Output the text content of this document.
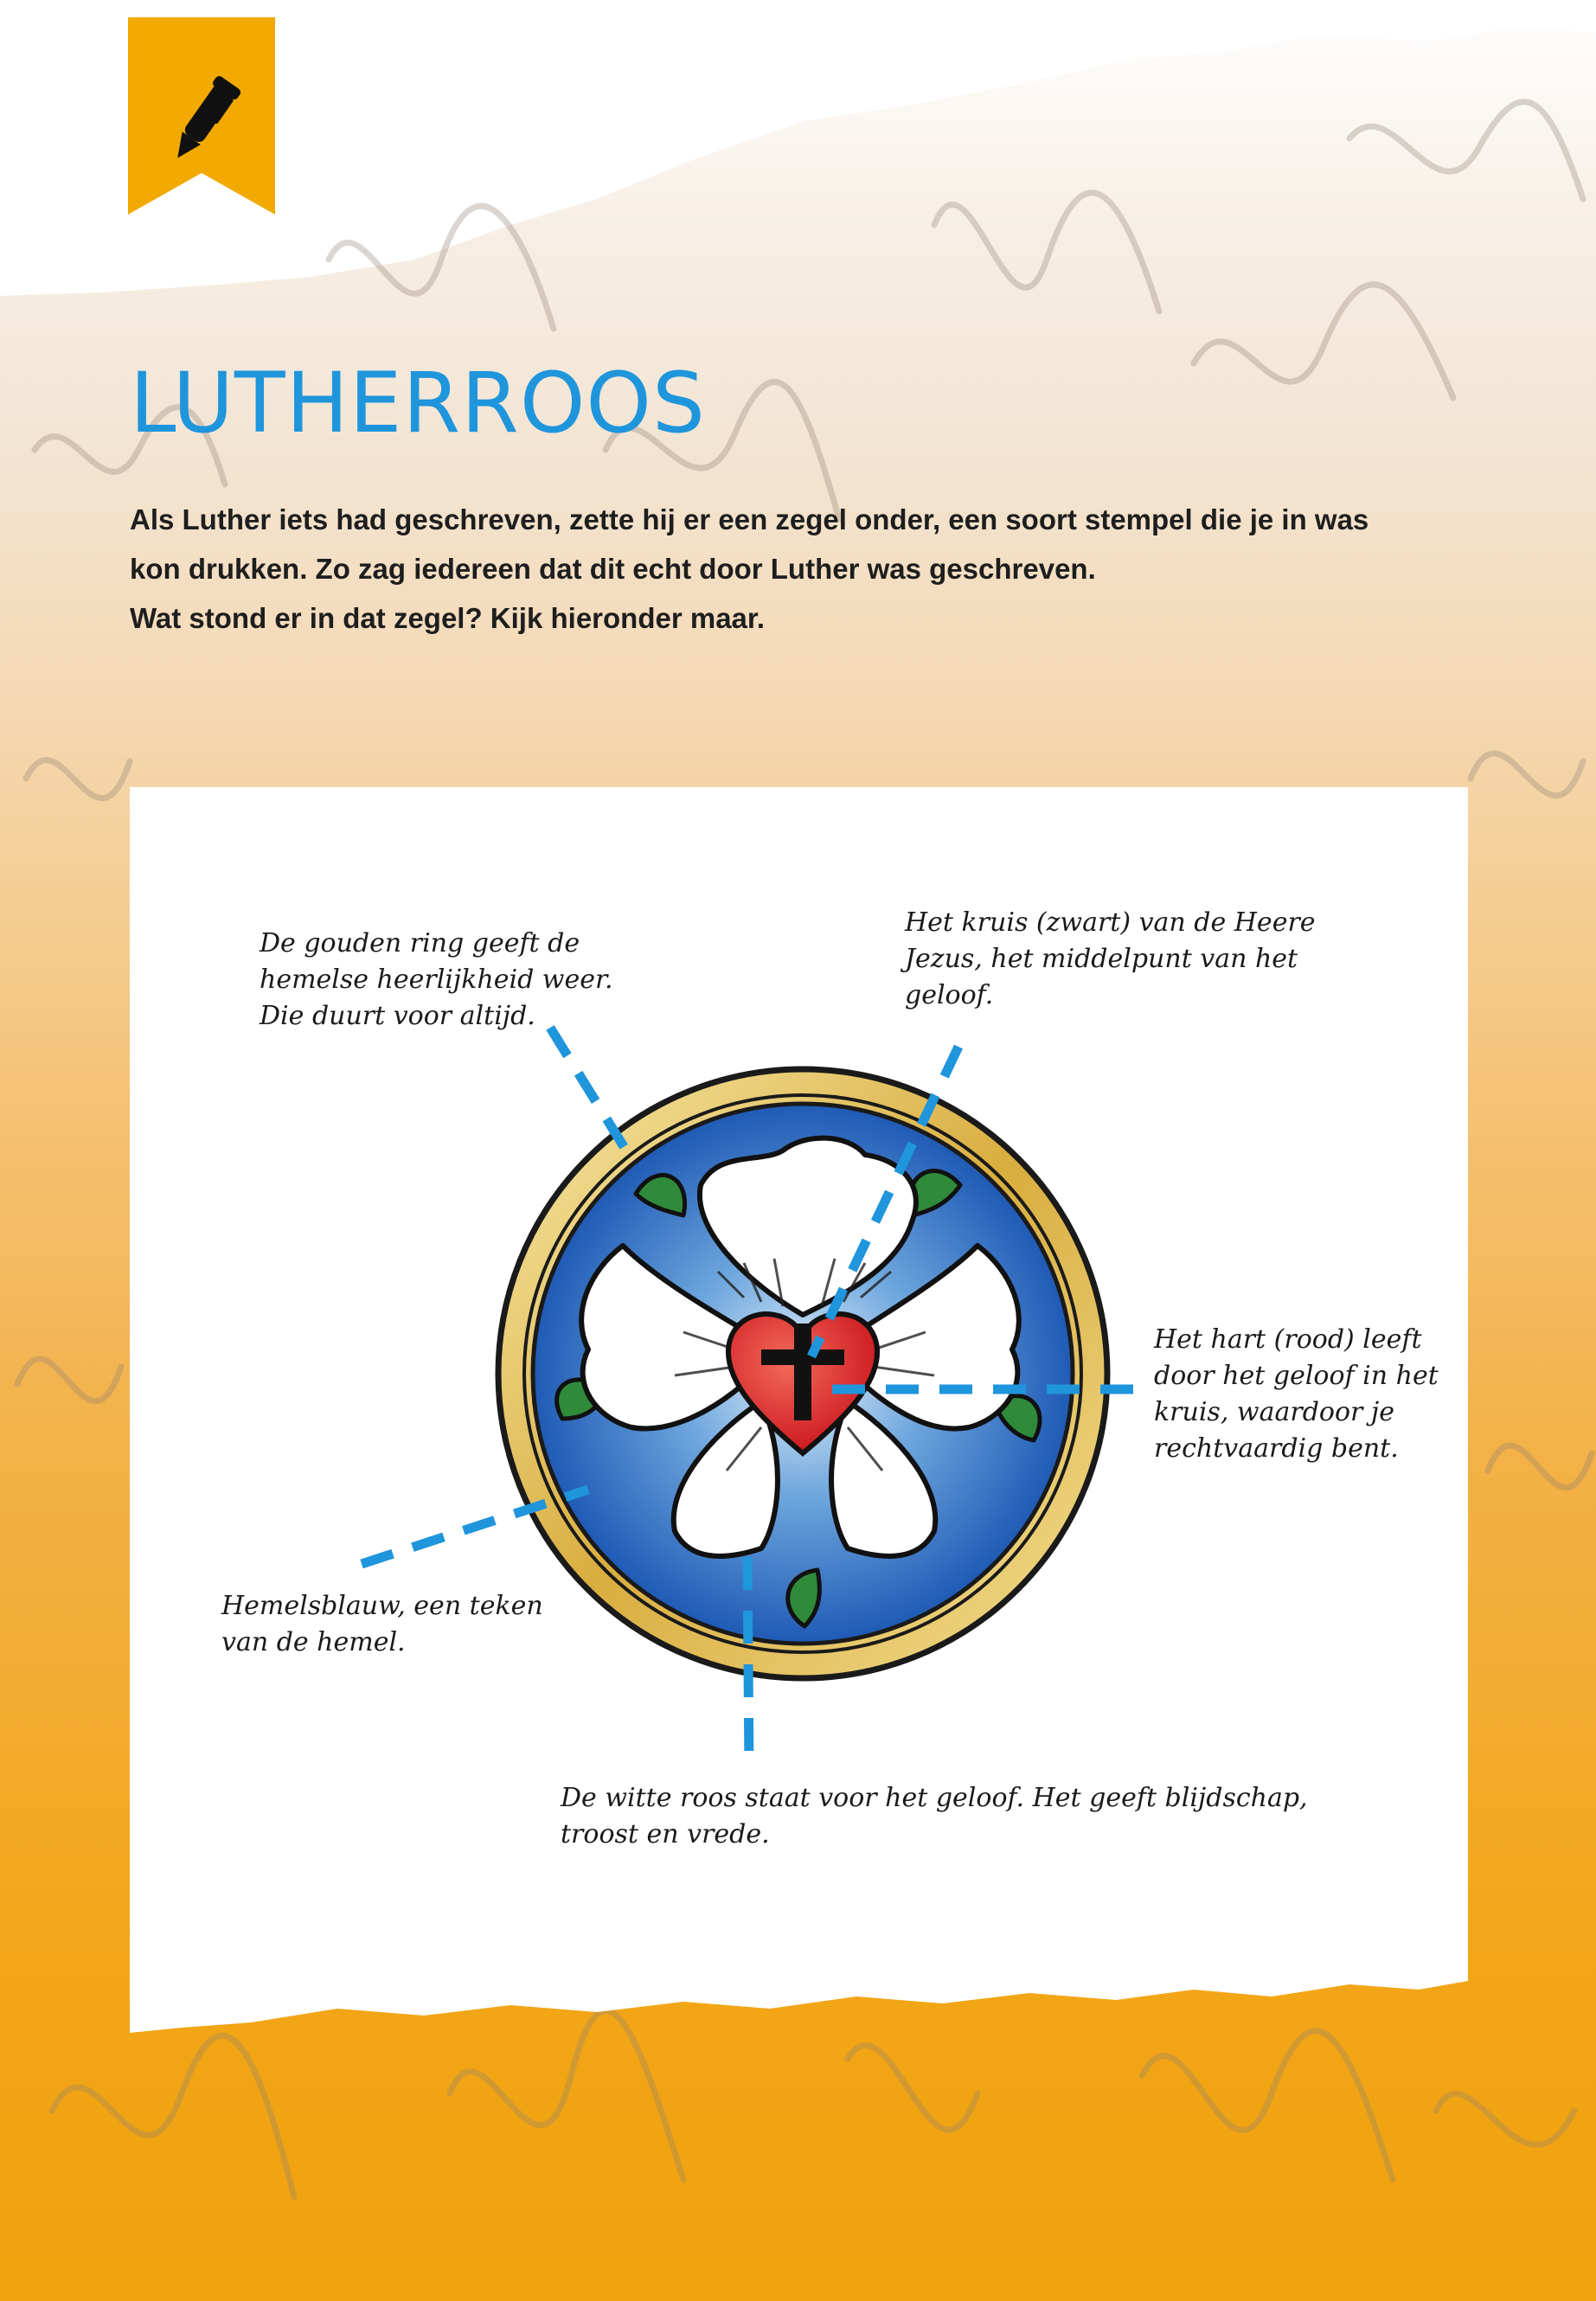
LUTHERROOS

Als Luther iets had geschreven, zette hij er een zegel onder, een soort stempel die je in was

kon drukken. Zo zag iedereen dat dit echt door Luther was geschreven.

Wat stond er in dat zegel? Kijk hieronder maar.

De gouden ring geeft de
hemelse heerlijkheid weer.
Die duurt voor altijd.
Het kruis (zwart) van de Heere
Jezus, het middelpunt van het
geloof.
Het hart (rood) leeft
door het geloof in het
kruis, waardoor je
rechtvaardig bent.
Hemelsblauw, een teken
van de hemel.
De witte roos staat voor het geloof. Het geeft blijdschap,
troost en vrede.
